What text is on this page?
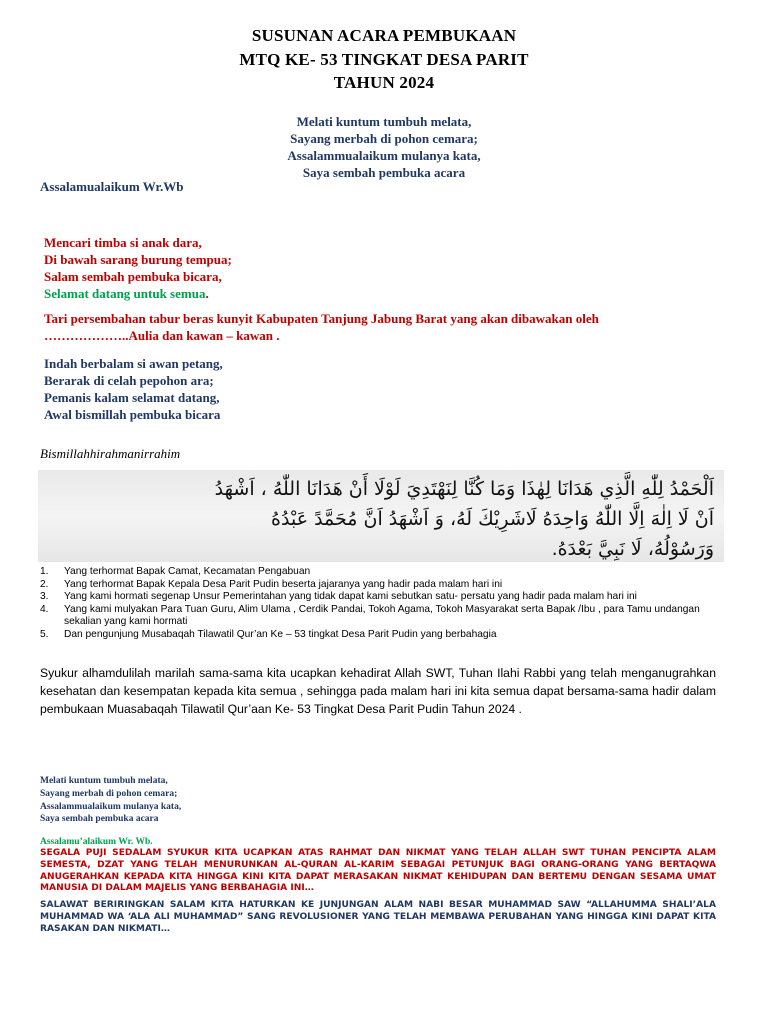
SUSUNAN ACARA PEMBUKAAN
MTQ KE- 53 TINGKAT DESA PARIT
TAHUN 2024
Melati kuntum tumbuh melata,
Sayang merbah di pohon cemara;
Assalammualaikum mulanya kata,
Saya sembah pembuka acara
Assalamualaikum Wr.Wb
Mencari timba si anak dara,
Di bawah sarang burung tempua;
Salam sembah pembuka bicara,
Selamat datang untuk semua.
Tari persembahan tabur beras kunyit Kabupaten Tanjung Jabung Barat yang akan dibawakan oleh
………………..Aulia dan kawan – kawan .
Indah berbalam si awan petang,
Berarak di celah pepohon ara;
Pemanis kalam selamat datang,
Awal bismillah pembuka bicara
Bismillahhirahmanirrahim
اَلْحَمْدُ لِلّٰهِ الَّذِي هَدَانَا لِهٰذَا وَمَا كُنَّا لِنَهْتَدِيَ لَوْلَا أَنْ هَدَانَا اللّٰهُ ، اَشْهَدُ
اَنْ لَا اِلٰهَ اِلَّا اللّٰهُ وَاحِدَهُ لَاشَرِيْكَ لَهُ، وَ اَشْهَدُ اَنَّ مُحَمَّدً عَبْدُهُ
وَرَسُوْلُهُ، لَا نَبِيَّ بَعْدَهُ.
1.	Yang terhormat Bapak Camat, Kecamatan Pengabuan
2.	Yang terhormat Bapak Kepala Desa Parit Pudin beserta jajaranya yang hadir pada malam hari ini
3.	Yang kami hormati segenap Unsur Pemerintahan yang tidak dapat kami sebutkan satu- persatu yang hadir pada malam hari ini
4.	Yang kami mulyakan Para Tuan Guru, Alim Ulama , Cerdik Pandai, Tokoh Agama, Tokoh Masyarakat serta Bapak /Ibu , para Tamu undangan sekalian yang kami hormati
5.	Dan pengunjung Musabaqah Tilawatil Qur’an Ke – 53 tingkat Desa Parit Pudin yang berbahagia
Syukur alhamdulilah marilah sama-sama kita ucapkan kehadirat Allah SWT, Tuhan Ilahi Rabbi yang telah menganugrahkan kesehatan dan kesempatan kepada kita semua , sehingga pada malam hari ini kita semua dapat bersama-sama hadir dalam pembukaan Muasabaqah Tilawatil Qur’aan Ke- 53 Tingkat Desa Parit Pudin Tahun 2024 .
Melati kuntum tumbuh melata,
Sayang merbah di pohon cemara;
Assalammualaikum mulanya kata,
Saya sembah pembuka acara
Assalamu’alaikum Wr. Wb.
SEGALA PUJI SEDALAM SYUKUR KITA UCAPKAN ATAS RAHMAT DAN NIKMAT YANG TELAH ALLAH SWT TUHAN PENCIPTA ALAM SEMESTA, DZAT YANG TELAH MENURUNKAN AL-QURAN AL-KARIM SEBAGAI PETUNJUK BAGI ORANG-ORANG YANG BERTAQWA ANUGERAHKAN KEPADA KITA HINGGA KINI KITA DAPAT MERASAKAN NIKMAT KEHIDUPAN DAN BERTEMU DENGAN SESAMA UMAT MANUSIA DI DALAM MAJELIS YANG BERBAHAGIA INI…
SALAWAT BERIRINGKAN SALAM KITA HATURKAN KE JUNJUNGAN ALAM NABI BESAR MUHAMMAD SAW “ALLAHUMMA SHALI’ALA MUHAMMAD WA ‘ALA ALI MUHAMMAD” SANG REVOLUSIONER YANG TELAH MEMBAWA PERUBAHAN YANG HINGGA KINI DAPAT KITA RASAKAN DAN NIKMATI…
